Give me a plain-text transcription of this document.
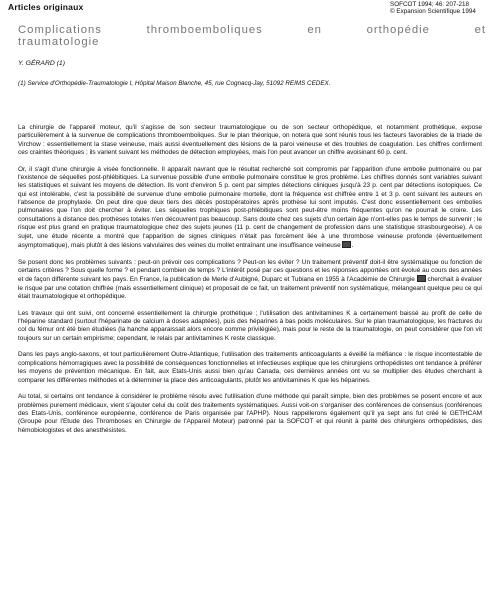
Articles originaux	SOFCOT 1994; 46: 207-218
© Expansion Scientifique 1994
Complications	thromboemboliques	en	orthopédie	et
traumatologie
Y. GÉRARD (1)
(1) Service d'Orthopédie-Traumatologie I, Hôpital Maison Blanche, 45, rue Cognacq-Jay, 51092 REIMS CEDEX.

La chirurgie de l'appareil moteur, qu'il s'agisse de son secteur traumatologique ou de son secteur orthopédique, et notamment prothétique, expose particulièrement à la survenue de complications thromboemboliques. Sur le plan théorique, on notera que sont réunis tous les facteurs favorables de la triade de Virchow : essentiellement la stase veineuse, mais aussi éventuellement des lésions de la paroi veineuse et des troubles de coagulation. Les chiffres confirment ces craintes théoriques ; ils varient suivant les méthodes de détection employées, mais l'on peut avancer un chiffre avoisinant 60 p. cent.

Or, il s'agit d'une chirurgie à visée fonctionnelle. Il apparaît navrant que le résultat recherché soit compromis par l'apparition d'une embolie pulmonaire ou par l'existence de séquelles post-phlébitiques. La survenue possible d'une embolie pulmonaire constitue le gros problème. Les chiffres donnés sont variables suivant les statistiques et suivant les moyens de détection. Ils vont d'environ 5 p. cent par simples détections cliniques jusqu'à 23 p. cent par détections isotopiques. Ce qui est intolérable, c'est la possibilité de survenue d'une embolie pulmonaire mortelle, dont la fréquence est chiffrée entre 1 et 3 p. cent suivant les auteurs en l'absence de prophylaxie. On peut dire que deux tiers des décès postopératoires après prothèse lui sont imputés. C'est donc essentiellement ces embolies pulmonaires que l'on doit chercher à éviter. Les séquelles trophiques post-phlébitiques sont peut-être moins fréquentes qu'on ne pourrait le croire. Les consultations à distance des prothèses totales n'en découvrent pas beaucoup. Sans doute chez ces sujets d'un certain âge n'ont-elles pas le temps de survenir ; le risque est plus grand en pratique traumatologique chez des sujets jeunes (11 p. cent de changement de profession dans une statistique strasbourgeoise). A ce sujet, une étude récente a montré que l'apparition de signes cliniques n'était pas forcément liée à une thrombose veineuse profonde (éventuellement asymptomatique), mais plutôt à des lésions valvulaires des veines du mollet entraînant une insuffisance veineuse .

Se posent donc les problèmes suivants : peut-on prévoir ces complications ? Peut-on les éviter ? Un traitement préventif doit-il être systématique ou fonction de certains critères ? Sous quelle forme ? et pendant combien de temps ? L'intérêt posé par ces questions et les réponses apportées ont évolué au cours des années et de façon différente suivant les pays. En France, la publication de Merle d'Aubigné, Duparc et Tubiana en 1955 à l'Académie de Chirurgie cherchait à évaluer le risque par une cotation chiffrée (mais essentiellement clinique) et proposait de ce fait, un traitement préventif non systématique, mélangeant quelque peu ce qui était traumatologique et orthopédique.

Les travaux qui ont suivi, ont concerné essentiellement la chirurgie prothétique ; l'utilisation des antivitamines K a certainement baissé au profit de celle de l'héparine standard (surtout l'héparinate de calcium à doses adaptées), puis des héparines à bas poids moléculaires. Sur le plan traumatologique, les fractures du col du fémur ont été bien étudiées (la hanche apparaissait alors encore comme privilégiée), mais pour le reste de la traumatologie, on peut considérer que l'on vit toujours sur un certain empirisme; cependant, le relais par antivitamines K reste classique.

Dans les pays anglo-saxons, et tout particulièrement Outre-Atlantique, l'utilisation des traitements anticoagulants a éveillé la méfiance : le risque incontestable de complications hémorragiques avec la possibilité de conséquences fonctionnelles et infectieuses explique que les chirurgiens orthopédistes ont tendance à préférer les moyens de prévention mécanique. En fait, aux Etats-Unis aussi bien qu'au Canada, ces dernières années ont vu se multiplier des études cherchant à comparer les différentes méthodes et à déterminer la place des anticoagulants, plutôt les antivitamines K que les héparines.

Au total, si certains ont tendance à considérer le problème résolu avec l'utilisation d'une méthode qui paraît simple, bien des problèmes se posent encore et aux problèmes purement médicaux, vient s'ajouter celui du coût des traitements systématiques. Aussi voit-on s'organiser des conférences de consensus (conférences des Etats-Unis, conférence européenne, conférence de Paris organisée par l'APHP). Nous rappellerons également qu'il ya sept ans fut créé le GETHCAM (Groupe pour l'Etude des Thromboses en Chirurgie de l'Appareil Moteur) patronné par la SOFCOT et qui réunit à parité des chirurgiens orthopédistes, des hémobiologistes et des anesthésistes.
